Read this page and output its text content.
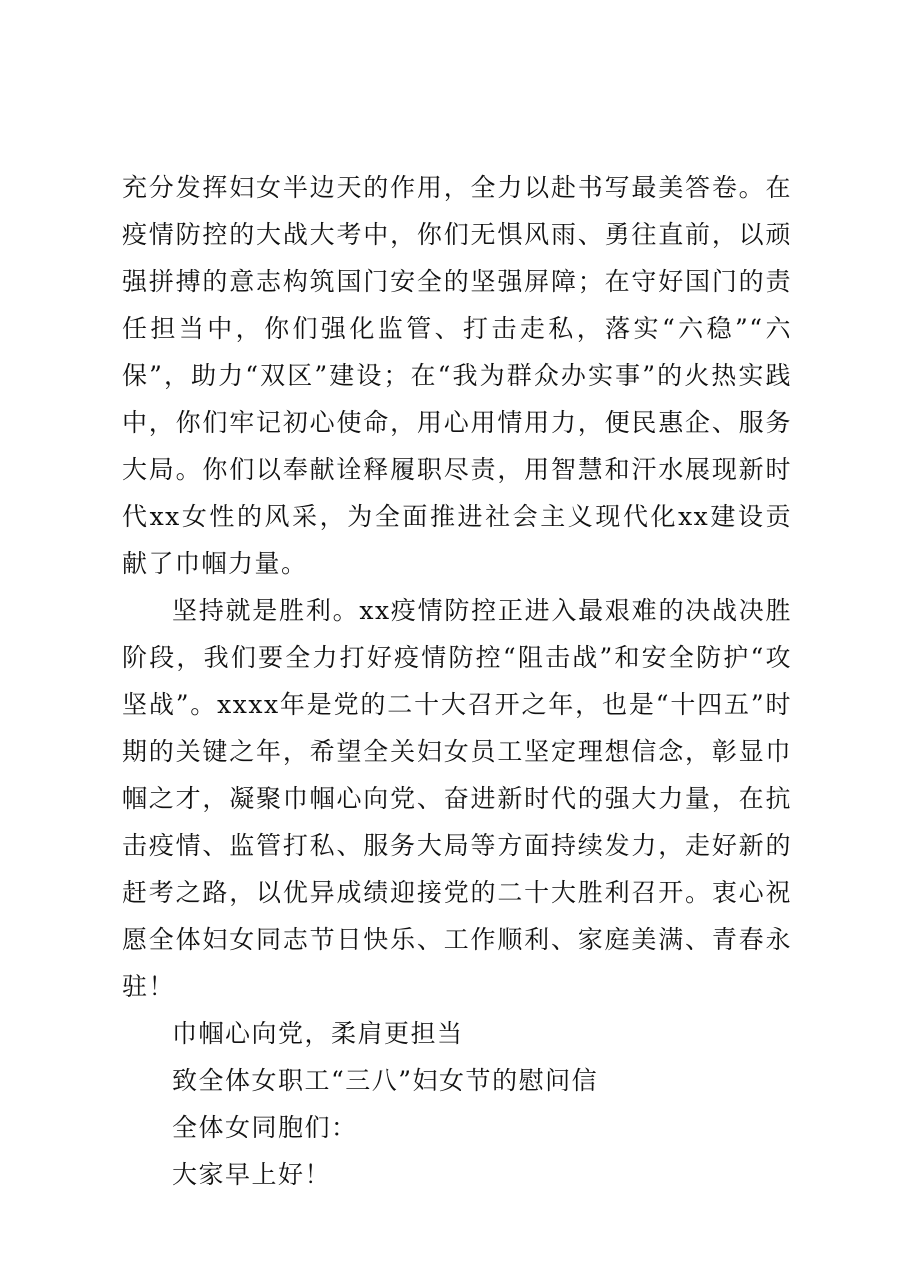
充分发挥妇女半边天的作用，全力以赴书写最美答卷。在疫情防控的大战大考中，你们无惧风雨、勇往直前，以顽强拼搏的意志构筑国门安全的坚强屏障；在守好国门的责任担当中，你们强化监管、打击走私，落实“六稳”“六保”，助力“双区”建设；在“我为群众办实事”的火热实践中，你们牢记初心使命，用心用情用力，便民惠企、服务大局。你们以奉献诠释履职尽责，用智慧和汗水展现新时代xx女性的风采，为全面推进社会主义现代化xx建设贡献了巾帼力量。

坚持就是胜利。xx疫情防控正进入最艰难的决战决胜阶段，我们要全力打好疫情防控“阻击战”和安全防护“攻坚战”。xxxx年是党的二十大召开之年，也是“十四五”时期的关键之年，希望全关妇女员工坚定理想信念，彰显巾帼之才，凝聚巾帼心向党、奋进新时代的强大力量，在抗击疫情、监管打私、服务大局等方面持续发力，走好新的赶考之路，以优异成绩迎接党的二十大胜利召开。衷心祝愿全体妇女同志节日快乐、工作顺利、家庭美满、青春永驻！

巾帼心向党，柔肩更担当

致全体女职工“三八”妇女节的慰问信

全体女同胞们：

大家早上好！
